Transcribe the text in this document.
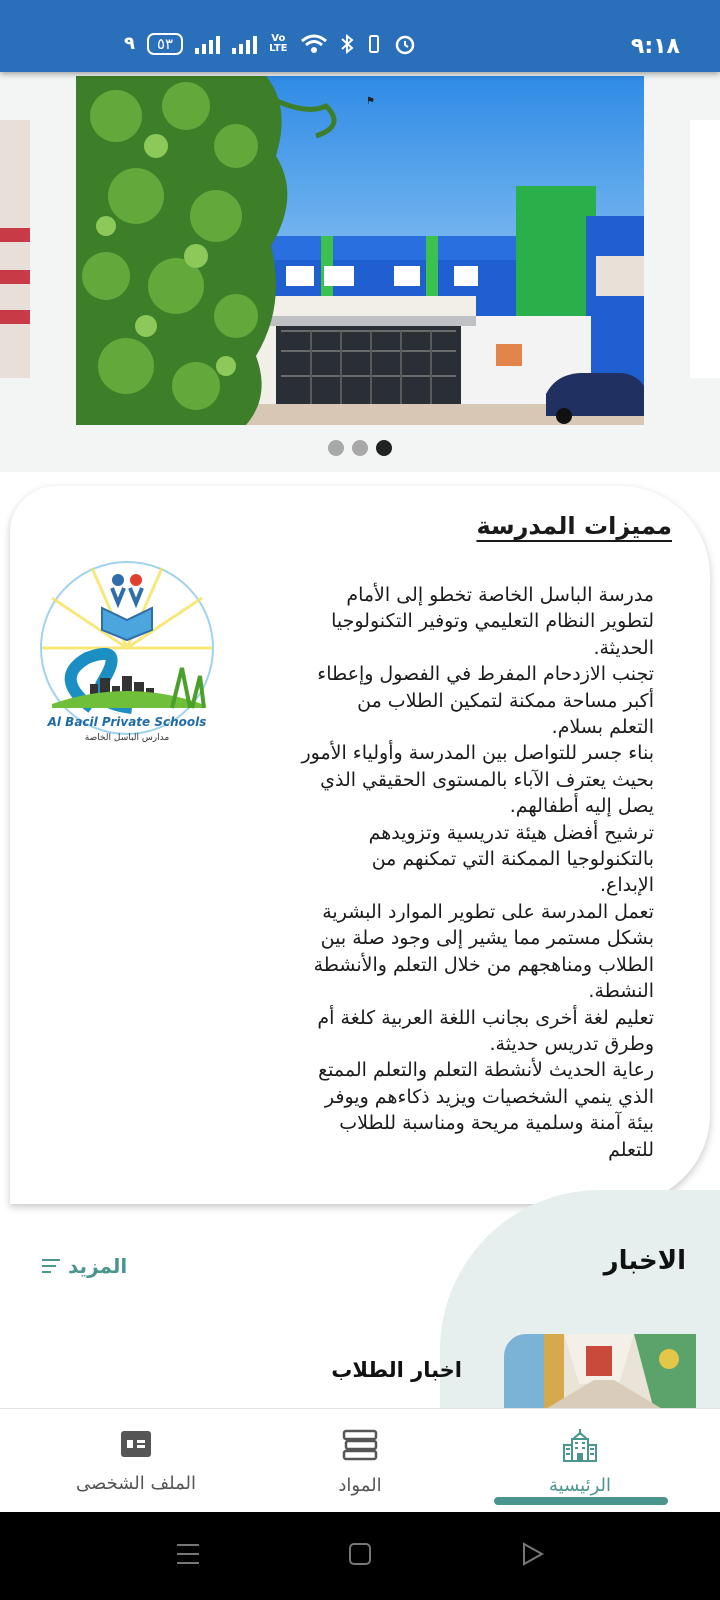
٩	٥٣	Vo
LTE	٩:١٨
⚑
مميزات المدرسة
مدرسة الباسل الخاصة تخطو إلى الأمام
لتطوير النظام التعليمي وتوفير التكنولوجيا
الحديثة.
تجنب الازدحام المفرط في الفصول وإعطاء
أكبر مساحة ممكنة لتمكين الطلاب من
التعلم بسلام.
بناء جسر للتواصل بين المدرسة وأولياء الأمور
بحيث يعترف الآباء بالمستوى الحقيقي الذي
يصل إليه أطفالهم.
ترشيح أفضل هيئة تدريسية وتزويدهم
بالتكنولوجيا الممكنة التي تمكنهم من
الإبداع.
تعمل المدرسة على تطوير الموارد البشرية
بشكل مستمر مما يشير إلى وجود صلة بين
الطلاب ومناهجهم من خلال التعلم والأنشطة
النشطة.
تعليم لغة أخرى بجانب اللغة العربية كلغة أم
وطرق تدريس حديثة.
رعاية الحديث لأنشطة التعلم والتعلم الممتع
الذي ينمي الشخصيات ويزيد ذكاءهم ويوفر
بيئة آمنة وسلمية مريحة ومناسبة للطلاب
للتعلم
Al Bacil Private Schools
مدارس الباسل الخاصة
الاخبار
المزيد
اخبار الطلاب
الرئيسية
المواد
الملف الشخصى
